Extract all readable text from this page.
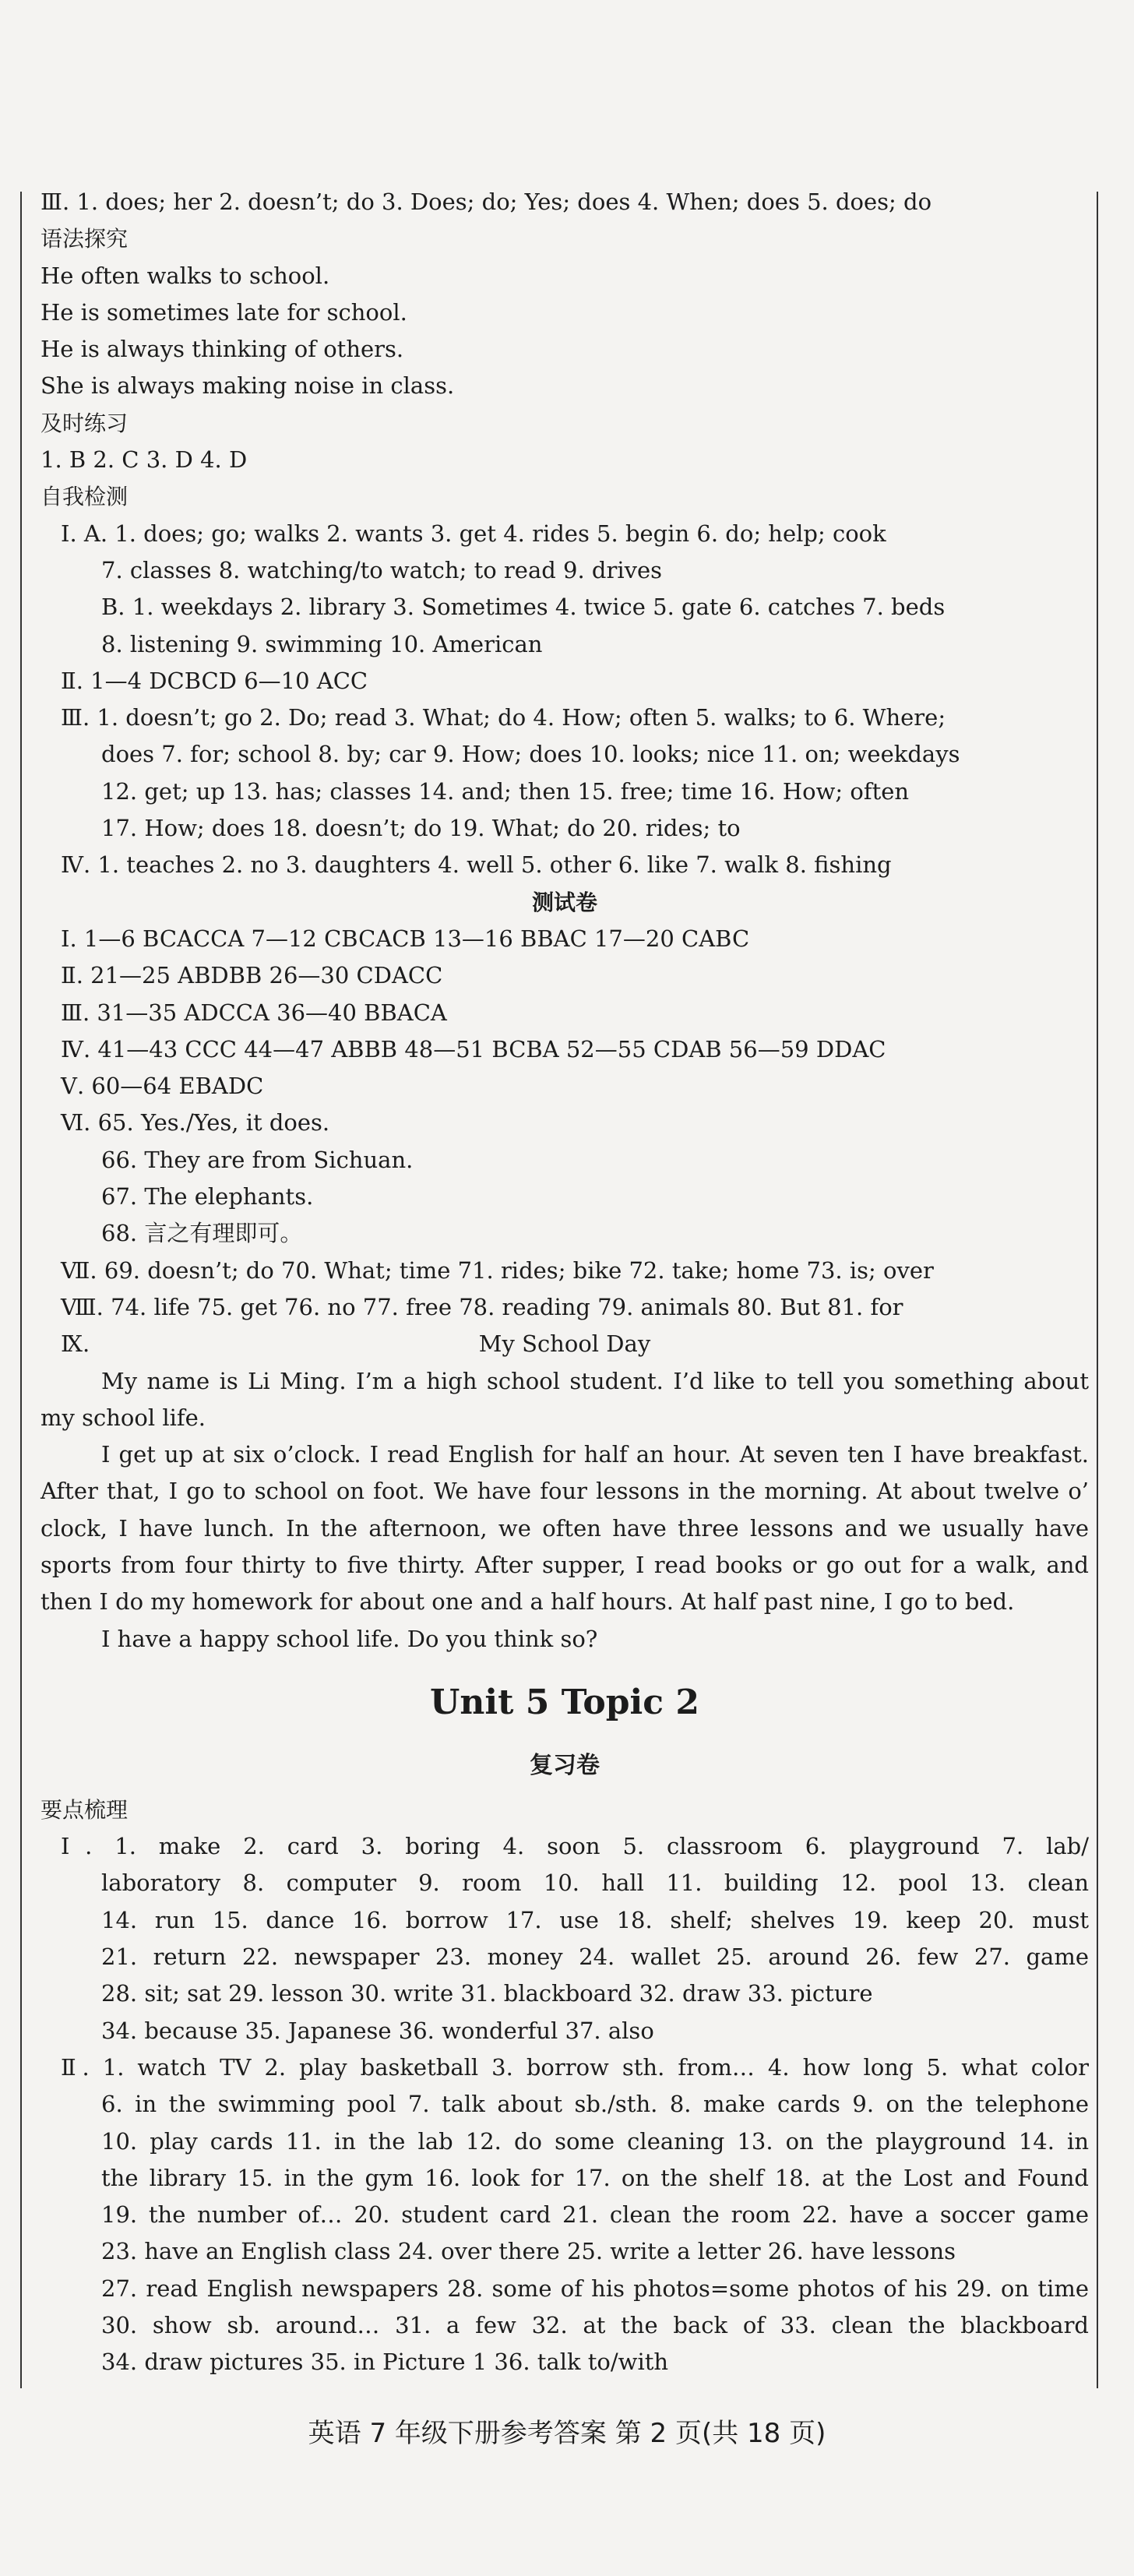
Ⅲ. 1. does; her 2. doesn’t; do 3. Does; do; Yes; does 4. When; does 5. does; do
语法探究
He often walks to school.
He is sometimes late for school.
He is always thinking of others.
She is always making noise in class.
及时练习
1. B 2. C 3. D 4. D
自我检测
Ⅰ. A. 1. does; go; walks 2. wants 3. get 4. rides 5. begin 6. do; help; cook
7. classes 8. watching/to watch; to read 9. drives
B. 1. weekdays 2. library 3. Sometimes 4. twice 5. gate 6. catches 7. beds
8. listening 9. swimming 10. American
Ⅱ. 1—4 DCBCD 6—10 ACC
Ⅲ. 1. doesn’t; go 2. Do; read 3. What; do 4. How; often 5. walks; to 6. Where;
does 7. for; school 8. by; car 9. How; does 10. looks; nice 11. on; weekdays
12. get; up 13. has; classes 14. and; then 15. free; time 16. How; often
17. How; does 18. doesn’t; do 19. What; do 20. rides; to
Ⅳ. 1. teaches 2. no 3. daughters 4. well 5. other 6. like 7. walk 8. fishing
测试卷
Ⅰ. 1—6 BCACCA 7—12 CBCACB 13—16 BBAC 17—20 CABC
Ⅱ. 21—25 ABDBB 26—30 CDACC
Ⅲ. 31—35 ADCCA 36—40 BBACA
Ⅳ. 41—43 CCC 44—47 ABBB 48—51 BCBA 52—55 CDAB 56—59 DDAC
Ⅴ. 60—64 EBADC
Ⅵ. 65. Yes./Yes, it does.
66. They are from Sichuan.
67. The elephants.
68. 言之有理即可。
Ⅶ. 69. doesn’t; do 70. What; time 71. rides; bike 72. take; home 73. is; over
Ⅷ. 74. life 75. get 76. no 77. free 78. reading 79. animals 80. But 81. for
Ⅸ.	My School Day
My name is Li Ming. I’m a high school student. I’d like to tell you something about
my school life.
I get up at six o’clock. I read English for half an hour. At seven ten I have breakfast.
After that, I go to school on foot. We have four lessons in the morning. At about twelve o’
clock, I have lunch. In the afternoon, we often have three lessons and we usually have
sports from four thirty to five thirty. After supper, I read books or go out for a walk, and
then I do my homework for about one and a half hours. At half past nine, I go to bed.
I have a happy school life. Do you think so?
Unit 5 Topic 2
复习卷
要点梳理
Ⅰ. 1. make 2. card 3. boring 4. soon 5. classroom 6. playground 7. lab/
laboratory 8. computer 9. room 10. hall 11. building 12. pool 13. clean
14. run 15. dance 16. borrow 17. use 18. shelf; shelves 19. keep 20. must
21. return 22. newspaper 23. money 24. wallet 25. around 26. few 27. game
28. sit; sat 29. lesson 30. write 31. blackboard 32. draw 33. picture
34. because 35. Japanese 36. wonderful 37. also
Ⅱ. 1. watch TV 2. play basketball 3. borrow sth. from… 4. how long 5. what color
6. in the swimming pool 7. talk about sb./sth. 8. make cards 9. on the telephone
10. play cards 11. in the lab 12. do some cleaning 13. on the playground 14. in
the library 15. in the gym 16. look for 17. on the shelf 18. at the Lost and Found
19. the number of… 20. student card 21. clean the room 22. have a soccer game
23. have an English class 24. over there 25. write a letter 26. have lessons
27. read English newspapers 28. some of his photos=some photos of his 29. on time
30. show sb. around… 31. a few 32. at the back of 33. clean the blackboard
34. draw pictures 35. in Picture 1 36. talk to/with
英语 7 年级下册参考答案 第 2 页(共 18 页)
